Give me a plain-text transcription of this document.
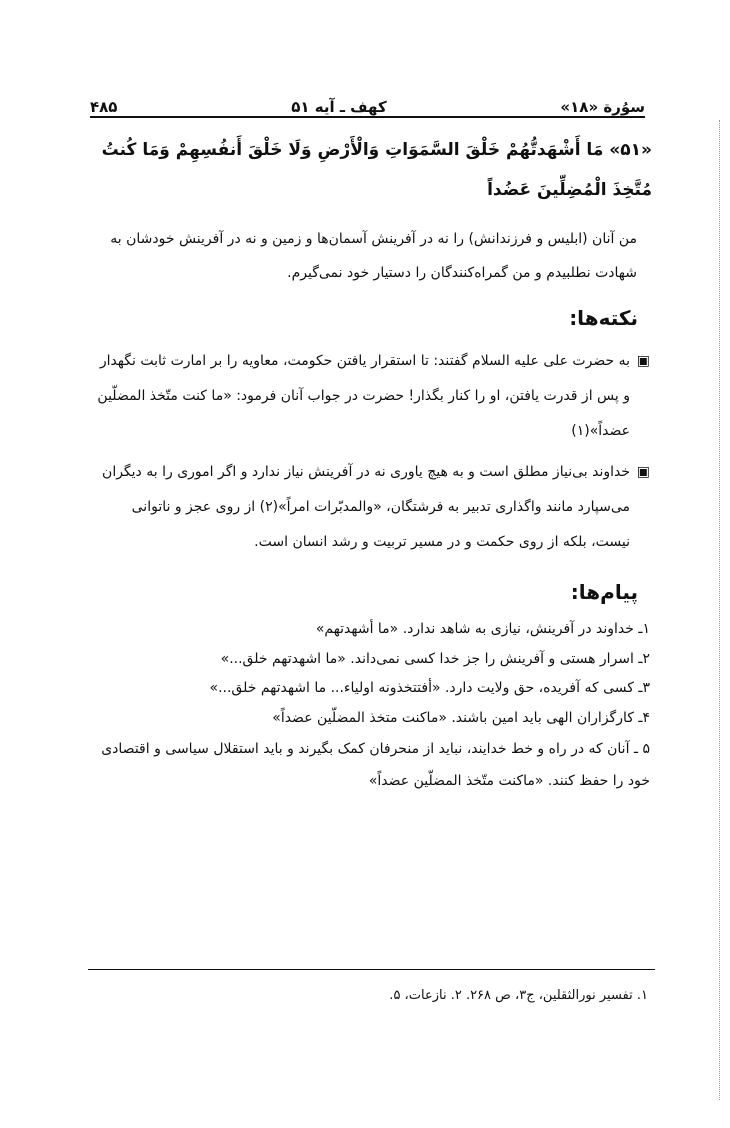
سوُرة «۱۸»
کهف ـ آیه ۵۱
۴۸۵
«۵۱» مَا أَشْهَدتُّهُمْ خَلْقَ السَّمَوَاتِ وَالْأَرْضِ وَلَا خَلْقَ أَنفُسِهِمْ وَمَا كُنتُ مُتَّخِذَ الْمُضِلِّينَ عَضُداً
من آنان (ابلیس و فرزندانش) را نه در آفرینش آسمان‌ها و زمین و نه در آفرینش خودشان به شهادت نطلبیدم و من گمراه‌کنندگان را دستیار خود نمی‌گیرم.
نکته‌ها:
▣
به حضرت علی علیه السلام گفتند: تا استقرار یافتن حکومت، معاویه را بر امارت ثابت نگهدار و پس از قدرت یافتن، او را کنار بگذار! حضرت در جواب آنان فرمود: «ما کنت متّخذ المضلّین عضداً»(۱)
▣
خداوند بی‌نیاز مطلق است و به هیچ یاوری نه در آفرینش نیاز ندارد و اگر اموری را به دیگران می‌سپارد مانند واگذاری تدبیر به فرشتگان، «والمدبّرات امراً»(۲) از روی عجز و ناتوانی نیست، بلکه از روی حکمت و در مسیر تربیت و رشد انسان است.
پیام‌ها:
۱ـ خداوند در آفرینش، نیازی به شاهد ندارد. «ما أشهدتهم»
۲ـ اسرار هستی و آفرینش را جز خدا کسی نمی‌داند. «ما اشهدتهم خلق...»
۳ـ کسی که آفریده، حق ولایت دارد. «أفتتخذونه اولیاء... ما اشهدتهم خلق...»
۴ـ کارگزاران الهی باید امین باشند. «ماکنت متخذ المضلّین عضداً»
۵ ـ آنان که در راه و خط خدایند، نباید از منحرفان کمک بگیرند و باید استقلال سیاسی و اقتصادی خود را حفظ کنند. «ماکنت متّخذ المضلّین عضداً»
۱. تفسیر نورالثقلین، ج۳، ص ۲۶۸. ۲. نازعات، ۵.
